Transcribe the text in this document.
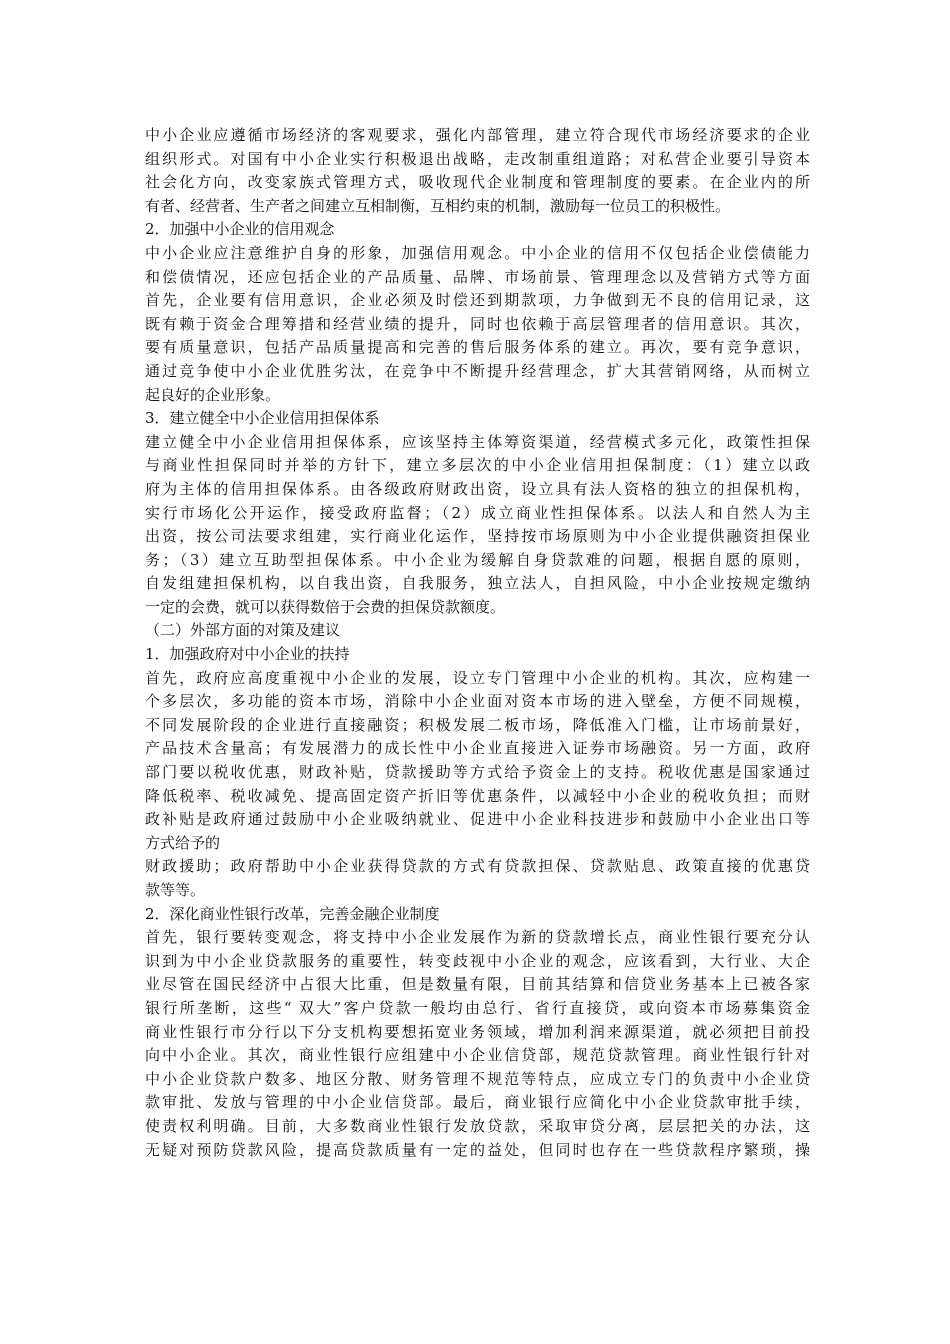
中小企业应遵循市场经济的客观要求，强化内部管理，建立符合现代市场经济要求的企业
组织形式。对国有中小企业实行积极退出战略，走改制重组道路；对私营企业要引导资本
社会化方向，改变家族式管理方式，吸收现代企业制度和管理制度的要素。在企业内的所
有者、经营者、生产者之间建立互相制衡，互相约束的机制，激励每一位员工的积极性。
2．加强中小企业的信用观念
中小企业应注意维护自身的形象，加强信用观念。中小企业的信用不仅包括企业偿债能力
和偿债情况，还应包括企业的产品质量、品牌、市场前景、管理理念以及营销方式等方面
首先，企业要有信用意识，企业必须及时偿还到期款项，力争做到无不良的信用记录，这
既有赖于资金合理筹措和经营业绩的提升，同时也依赖于高层管理者的信用意识。其次，
要有质量意识，包括产品质量提高和完善的售后服务体系的建立。再次，要有竞争意识，
通过竞争使中小企业优胜劣汰，在竞争中不断提升经营理念，扩大其营销网络，从而树立
起良好的企业形象。
3．建立健全中小企业信用担保体系
建立健全中小企业信用担保体系，应该坚持主体筹资渠道，经营模式多元化，政策性担保
与商业性担保同时并举的方针下，建立多层次的中小企业信用担保制度：（1）建立以政
府为主体的信用担保体系。由各级政府财政出资，设立具有法人资格的独立的担保机构，
实行市场化公开运作，接受政府监督；（2）成立商业性担保体系。以法人和自然人为主
出资，按公司法要求组建，实行商业化运作，坚持按市场原则为中小企业提供融资担保业
务；（3）建立互助型担保体系。中小企业为缓解自身贷款难的问题，根据自愿的原则，
自发组建担保机构，以自我出资，自我服务，独立法人，自担风险，中小企业按规定缴纳
一定的会费，就可以获得数倍于会费的担保贷款额度。
（二）外部方面的对策及建议
1．加强政府对中小企业的扶持
首先，政府应高度重视中小企业的发展，设立专门管理中小企业的机构。其次，应构建一
个多层次，多功能的资本市场，消除中小企业面对资本市场的进入壁垒，方便不同规模，
不同发展阶段的企业进行直接融资；积极发展二板市场，降低准入门槛，让市场前景好，
产品技术含量高；有发展潜力的成长性中小企业直接进入证券市场融资。另一方面，政府
部门要以税收优惠，财政补贴，贷款援助等方式给予资金上的支持。税收优惠是国家通过
降低税率、税收减免、提高固定资产折旧等优惠条件，以减轻中小企业的税收负担；而财
政补贴是政府通过鼓励中小企业吸纳就业、促进中小企业科技进步和鼓励中小企业出口等
方式给予的
财政援助；政府帮助中小企业获得贷款的方式有贷款担保、贷款贴息、政策直接的优惠贷
款等等。
2．深化商业性银行改革，完善金融企业制度
首先，银行要转变观念，将支持中小企业发展作为新的贷款增长点，商业性银行要充分认
识到为中小企业贷款服务的重要性，转变歧视中小企业的观念，应该看到，大行业、大企
业尽管在国民经济中占很大比重，但是数量有限，目前其结算和信贷业务基本上已被各家
银行所垄断，这些“ 双大”客户贷款一般均由总行、省行直接贷，或向资本市场募集资金
商业性银行市分行以下分支机构要想拓宽业务领域，增加利润来源渠道，就必须把目前投
向中小企业。其次，商业性银行应组建中小企业信贷部，规范贷款管理。商业性银行针对
中小企业贷款户数多、地区分散、财务管理不规范等特点，应成立专门的负责中小企业贷
款审批、发放与管理的中小企业信贷部。最后，商业银行应简化中小企业贷款审批手续，
使责权利明确。目前，大多数商业性银行发放贷款，采取审贷分离，层层把关的办法，这
无疑对预防贷款风险，提高贷款质量有一定的益处，但同时也存在一些贷款程序繁琐，操
